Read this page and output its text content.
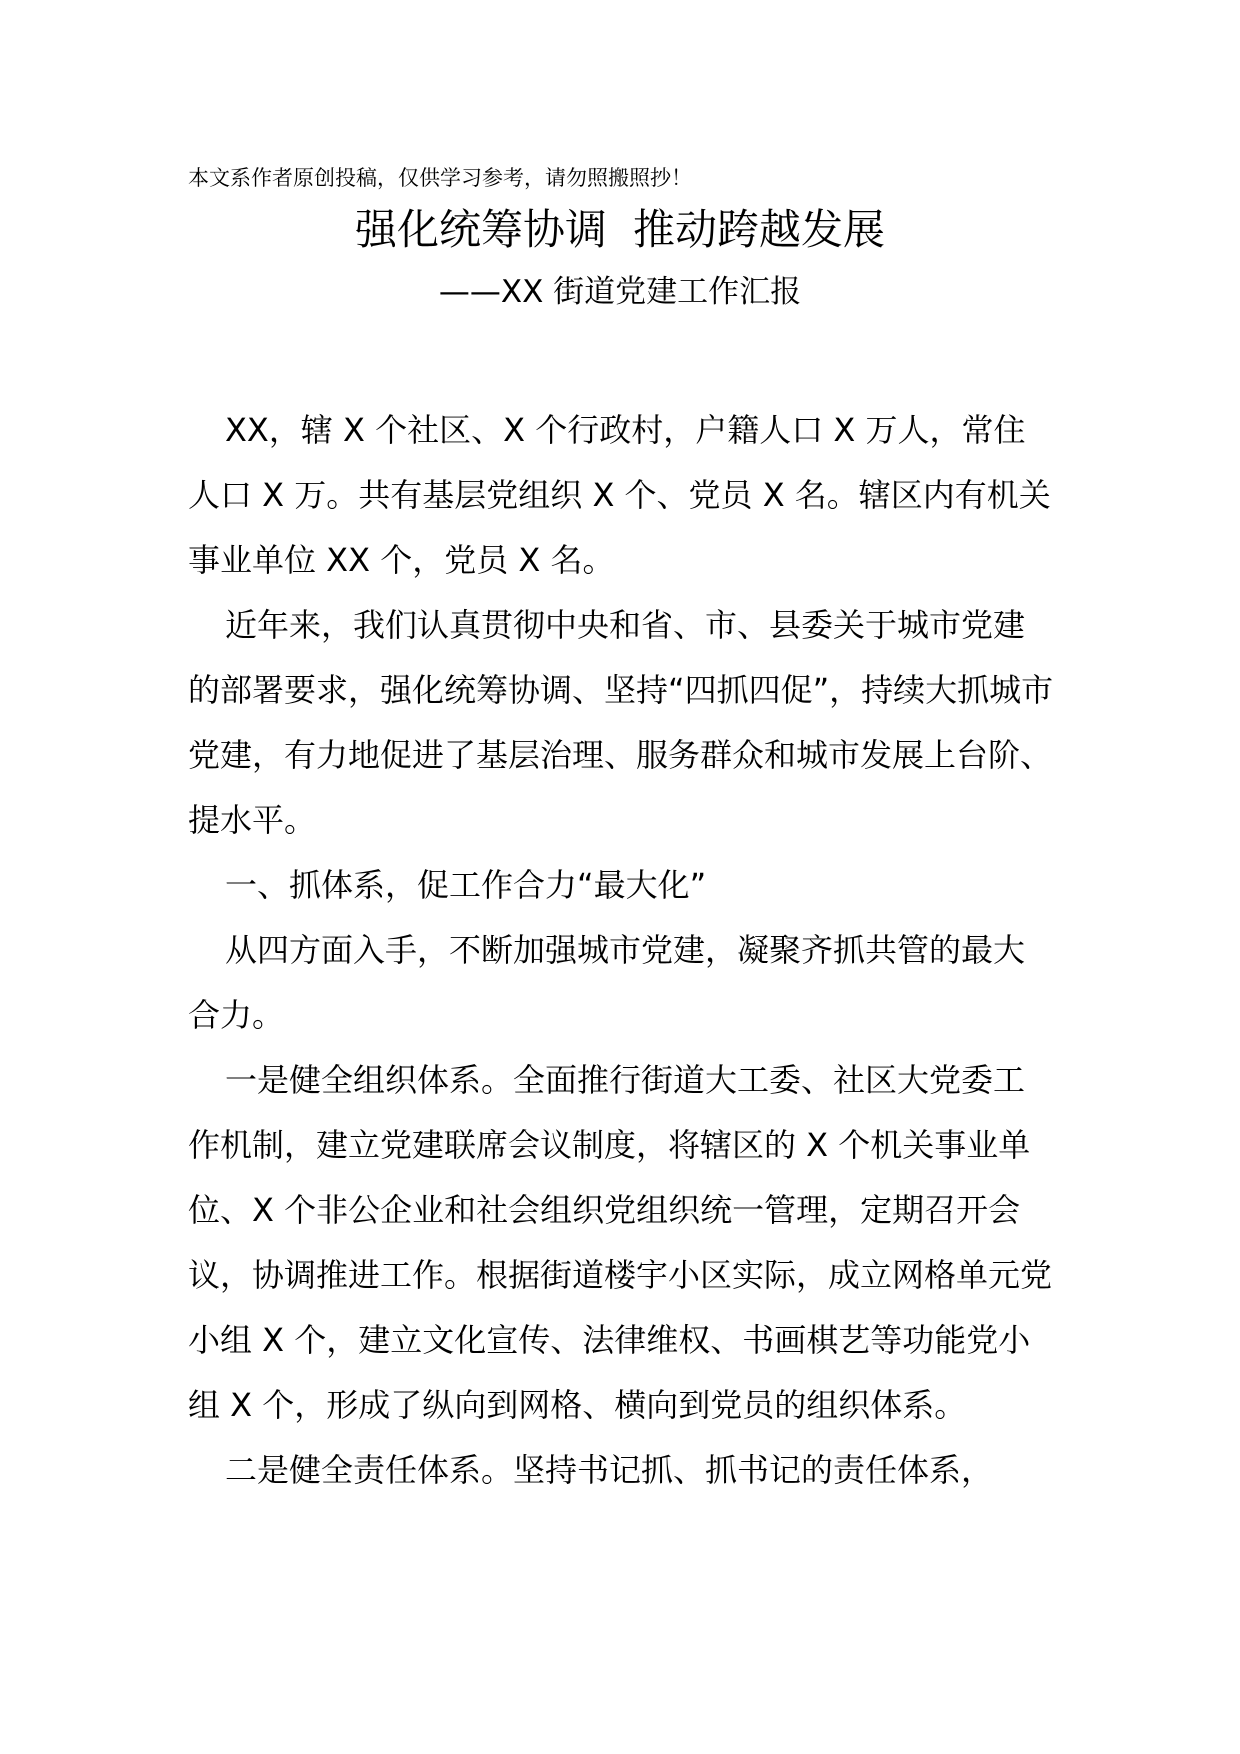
本文系作者原创投稿，仅供学习参考，请勿照搬照抄！
强化统筹协调 推动跨越发展
——XX 街道党建工作汇报

XX，辖 X 个社区、X 个行政村，户籍人口 X 万人，常住人口 X 万。共有基层党组织 X 个、党员 X 名。辖区内有机关事业单位 XX 个，党员 X 名。

近年来，我们认真贯彻中央和省、市、县委关于城市党建的部署要求，强化统筹协调、坚持“四抓四促”，持续大抓城市党建，有力地促进了基层治理、服务群众和城市发展上台阶、提水平。

一、抓体系，促工作合力“最大化”

从四方面入手，不断加强城市党建，凝聚齐抓共管的最大合力。

一是健全组织体系。全面推行街道大工委、社区大党委工作机制，建立党建联席会议制度，将辖区的 X 个机关事业单位、X 个非公企业和社会组织党组织统一管理，定期召开会议，协调推进工作。根据街道楼宇小区实际，成立网格单元党小组 X 个，建立文化宣传、法律维权、书画棋艺等功能党小组 X 个，形成了纵向到网格、横向到党员的组织体系。

二是健全责任体系。坚持书记抓、抓书记的责任体系，
